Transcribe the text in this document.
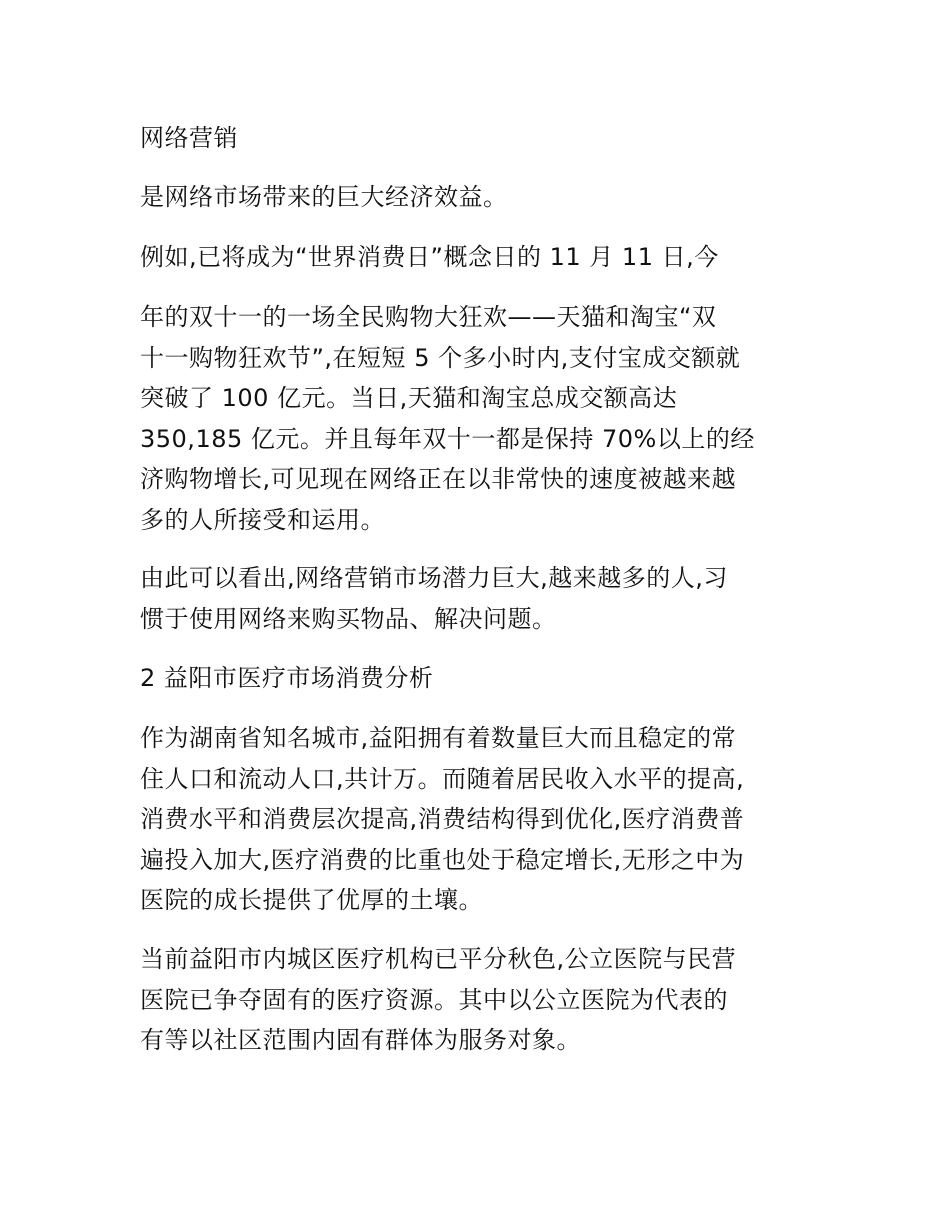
网络营销
是网络市场带来的巨大经济效益。
例如,已将成为“世界消费日”概念日的 11 月 11 日,今
年的双十一的一场全民购物大狂欢——天猫和淘宝“双
十一购物狂欢节”,在短短 5 个多小时内,支付宝成交额就
突破了 100 亿元。当日,天猫和淘宝总成交额高达
350,185 亿元。并且每年双十一都是保持 70%以上的经
济购物增长,可见现在网络正在以非常快的速度被越来越
多的人所接受和运用。
由此可以看出,网络营销市场潜力巨大,越来越多的人,习
惯于使用网络来购买物品、解决问题。
2 益阳市医疗市场消费分析
作为湖南省知名城市,益阳拥有着数量巨大而且稳定的常
住人口和流动人口,共计万。而随着居民收入水平的提高,
消费水平和消费层次提高,消费结构得到优化,医疗消费普
遍投入加大,医疗消费的比重也处于稳定增长,无形之中为
医院的成长提供了优厚的土壤。
当前益阳市内城区医疗机构已平分秋色,公立医院与民营
医院已争夺固有的医疗资源。其中以公立医院为代表的
有等以社区范围内固有群体为服务对象。
